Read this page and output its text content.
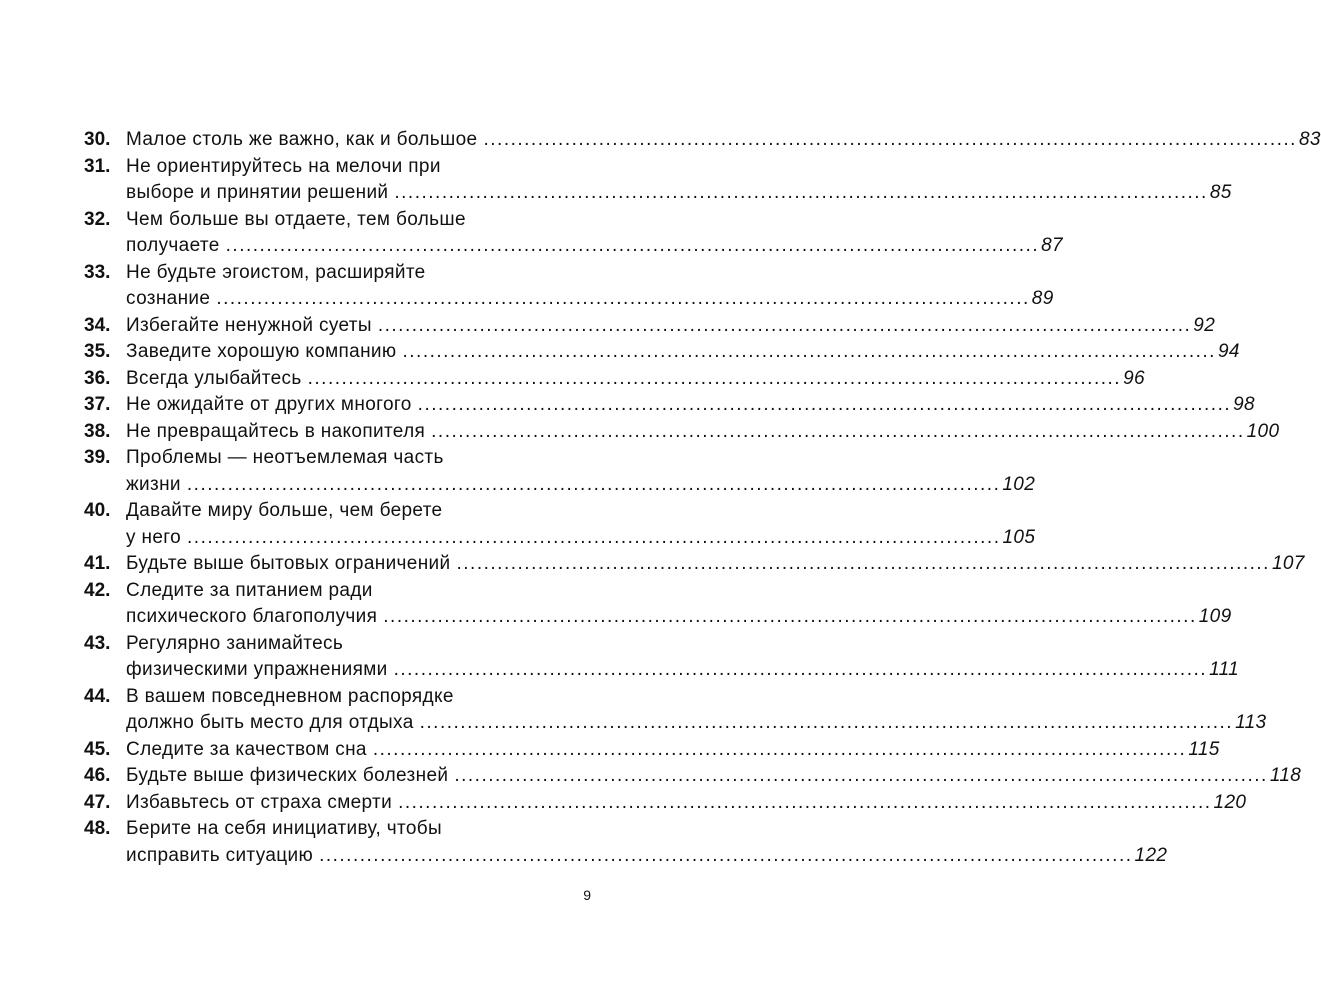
30. Малое столь же важно, как и большое ........................................................................................................................ 83
31. Не ориентируйтесь на мелочи при
выборе и принятии решений ........................................................................................................................ 85
32. Чем больше вы отдаете, тем больше
получаете ........................................................................................................................ 87
33. Не будьте эгоистом, расширяйте
сознание ........................................................................................................................ 89
34. Избегайте ненужной суеты ........................................................................................................................ 92
35. Заведите хорошую компанию ........................................................................................................................ 94
36. Всегда улыбайтесь ........................................................................................................................ 96
37. Не ожидайте от других многого ........................................................................................................................ 98
38. Не превращайтесь в накопителя ........................................................................................................................ 100
39. Проблемы — неотъемлемая часть
жизни ........................................................................................................................ 102
40. Давайте миру больше, чем берете
у него ........................................................................................................................ 105
41. Будьте выше бытовых ограничений ........................................................................................................................ 107
42. Следите за питанием ради
психического благополучия ........................................................................................................................ 109
43. Регулярно занимайтесь
физическими упражнениями ........................................................................................................................ 111
44. В вашем повседневном распорядке
должно быть место для отдыха ........................................................................................................................ 113
45. Следите за качеством сна ........................................................................................................................ 115
46. Будьте выше физических болезней ........................................................................................................................ 118
47. Избавьтесь от страха смерти ........................................................................................................................ 120
48. Берите на себя инициативу, чтобы
исправить ситуацию ........................................................................................................................ 122
9
